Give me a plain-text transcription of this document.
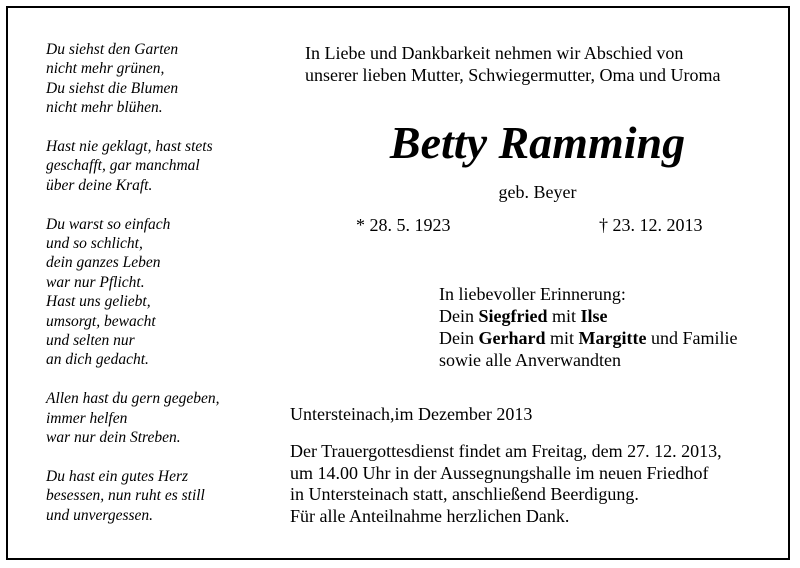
Du siehst den Garten
nicht mehr grünen,
Du siehst die Blumen
nicht mehr blühen.

Hast nie geklagt, hast stets
geschafft, gar manchmal
über deine Kraft.

Du warst so einfach
und so schlicht,
dein ganzes Leben
war nur Pflicht.
Hast uns geliebt,
umsorgt, bewacht
und selten nur
an dich gedacht.

Allen hast du gern gegeben,
immer helfen
war nur dein Streben.

Du hast ein gutes Herz
besessen, nun ruht es still
und unvergessen.

In Liebe und Dankbarkeit nehmen wir Abschied von
unserer lieben Mutter, Schwiegermutter, Oma und Uroma
Betty Ramming
geb. Beyer
* 28. 5. 1923	† 23. 12. 2013
In liebevoller Erinnerung:
Dein Siegfried mit Ilse
Dein Gerhard mit Margitte und Familie
sowie alle Anverwandten
Untersteinach,im Dezember 2013
Der Trauergottesdienst findet am Freitag, dem 27. 12. 2013,
um 14.00 Uhr in der Aussegnungshalle im neuen Friedhof
in Untersteinach statt, anschließend Beerdigung.
Für alle Anteilnahme herzlichen Dank.
